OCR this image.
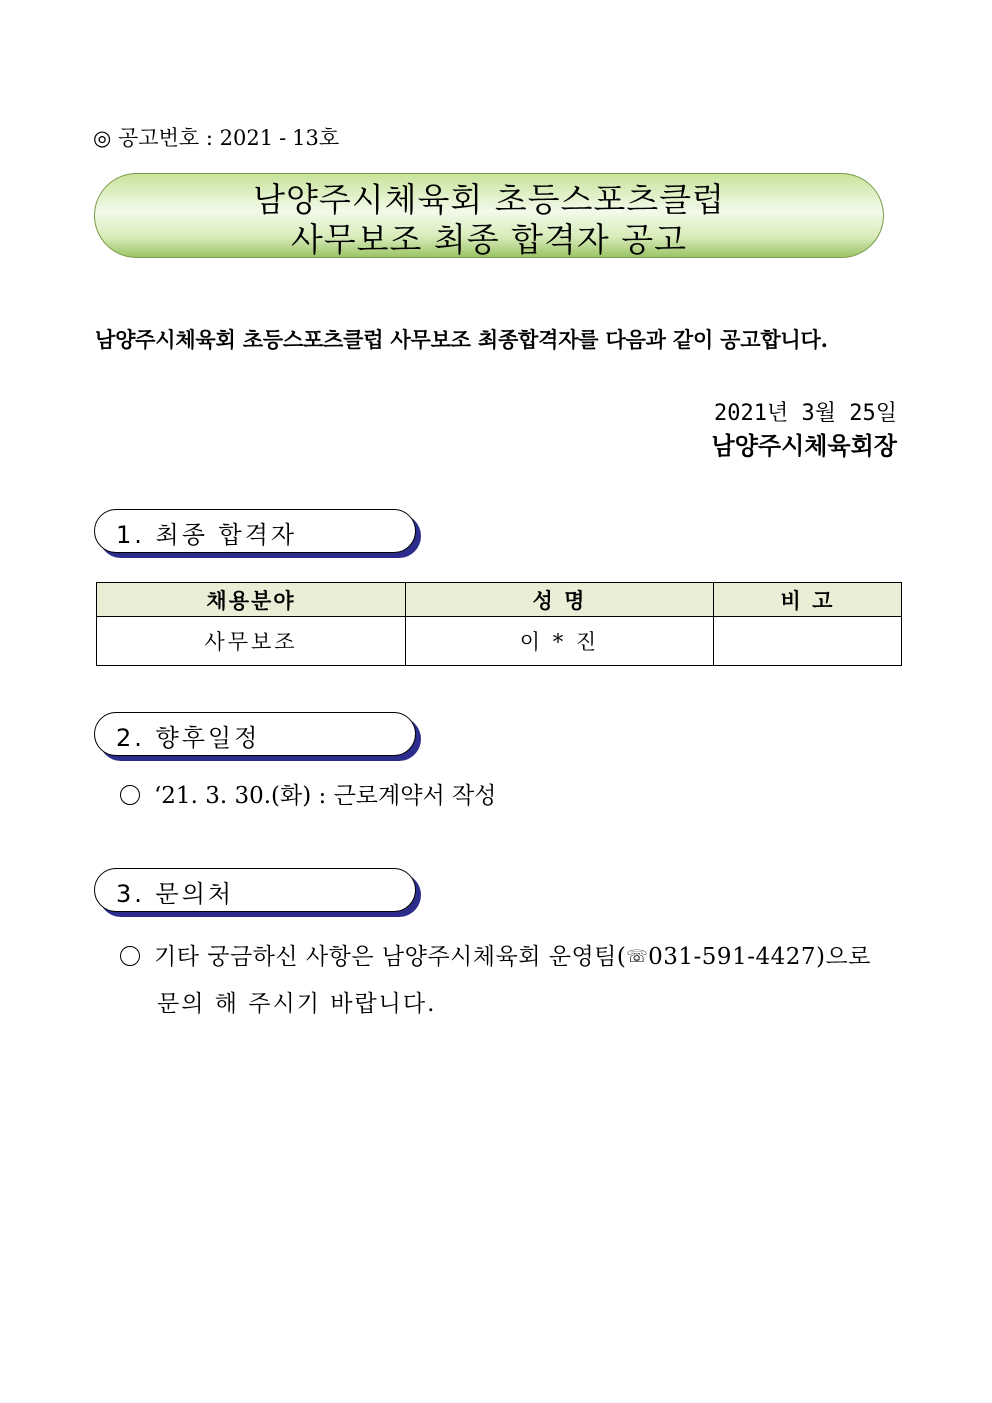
◎ 공고번호 : 2021 - 13호
남양주시체육회 초등스포츠클럽
사무보조 최종 합격자 공고
남양주시체육회 초등스포츠클럽 사무보조 최종합격자를 다음과 같이 공고합니다.
2021년 3월 25일
남양주시체육회장
1. 최종 합격자
채용분야	성 명	비 고
사무보조	이 * 진	
2. 향후일정
‘21. 3. 30.(화) : 근로계약서 작성
3. 문의처
기타 궁금하신 사항은 남양주시체육회 운영팀(☏031-591-4427)으로
문의 해 주시기 바랍니다.
